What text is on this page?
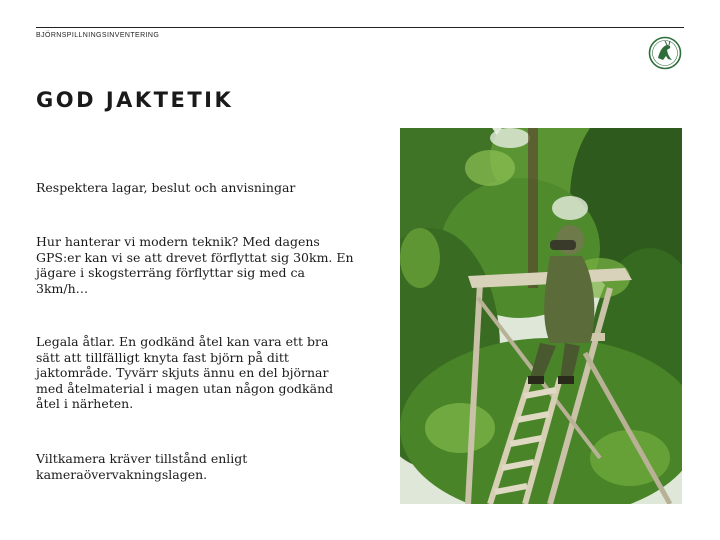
BJÖRNSPILLNINGSINVENTERING
GOD JAKTETIK

Respektera lagar, beslut och anvisningar

Hur hanterar vi modern teknik? Med dagens GPS:er kan vi se att drevet förflyttat sig 30km. En jägare i skogsterräng förflyttar sig med ca 3km/h…

Legala åtlar. En godkänd åtel kan vara ett bra sätt att tillfälligt knyta fast björn på ditt jaktområde. Tyvärr skjuts ännu en del björnar med åtelmaterial i magen utan någon godkänd åtel i närheten.

Viltkamera kräver tillstånd enligt kameraövervakningslagen.
